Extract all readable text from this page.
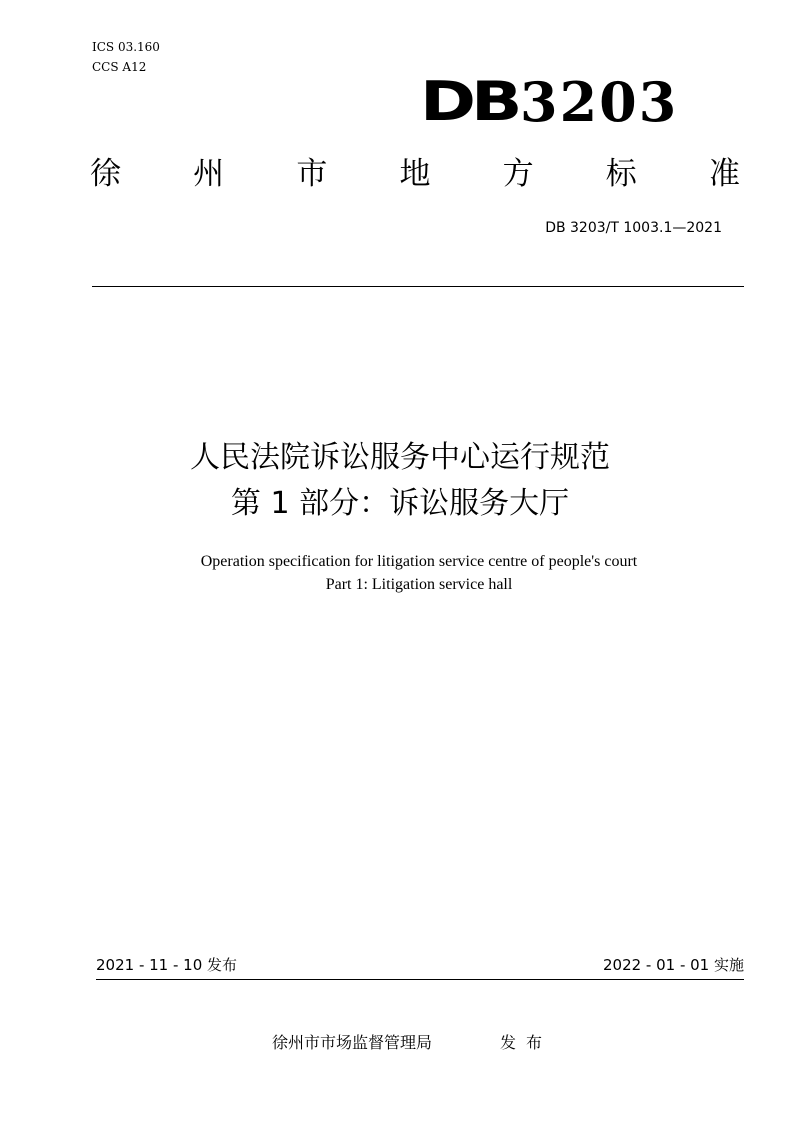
ICS 03.160
CCS A12
DB 3203
徐 州 市 地 方 标 准
DB 3203/T 1003.1—2021
人民法院诉讼服务中心运行规范
第 1 部分：诉讼服务大厅
Operation specification for litigation service centre of people's court
Part 1: Litigation service hall
2021 - 11 - 10 发布	2022 - 01 - 01 实施
徐州市市场监督管理局	发布
